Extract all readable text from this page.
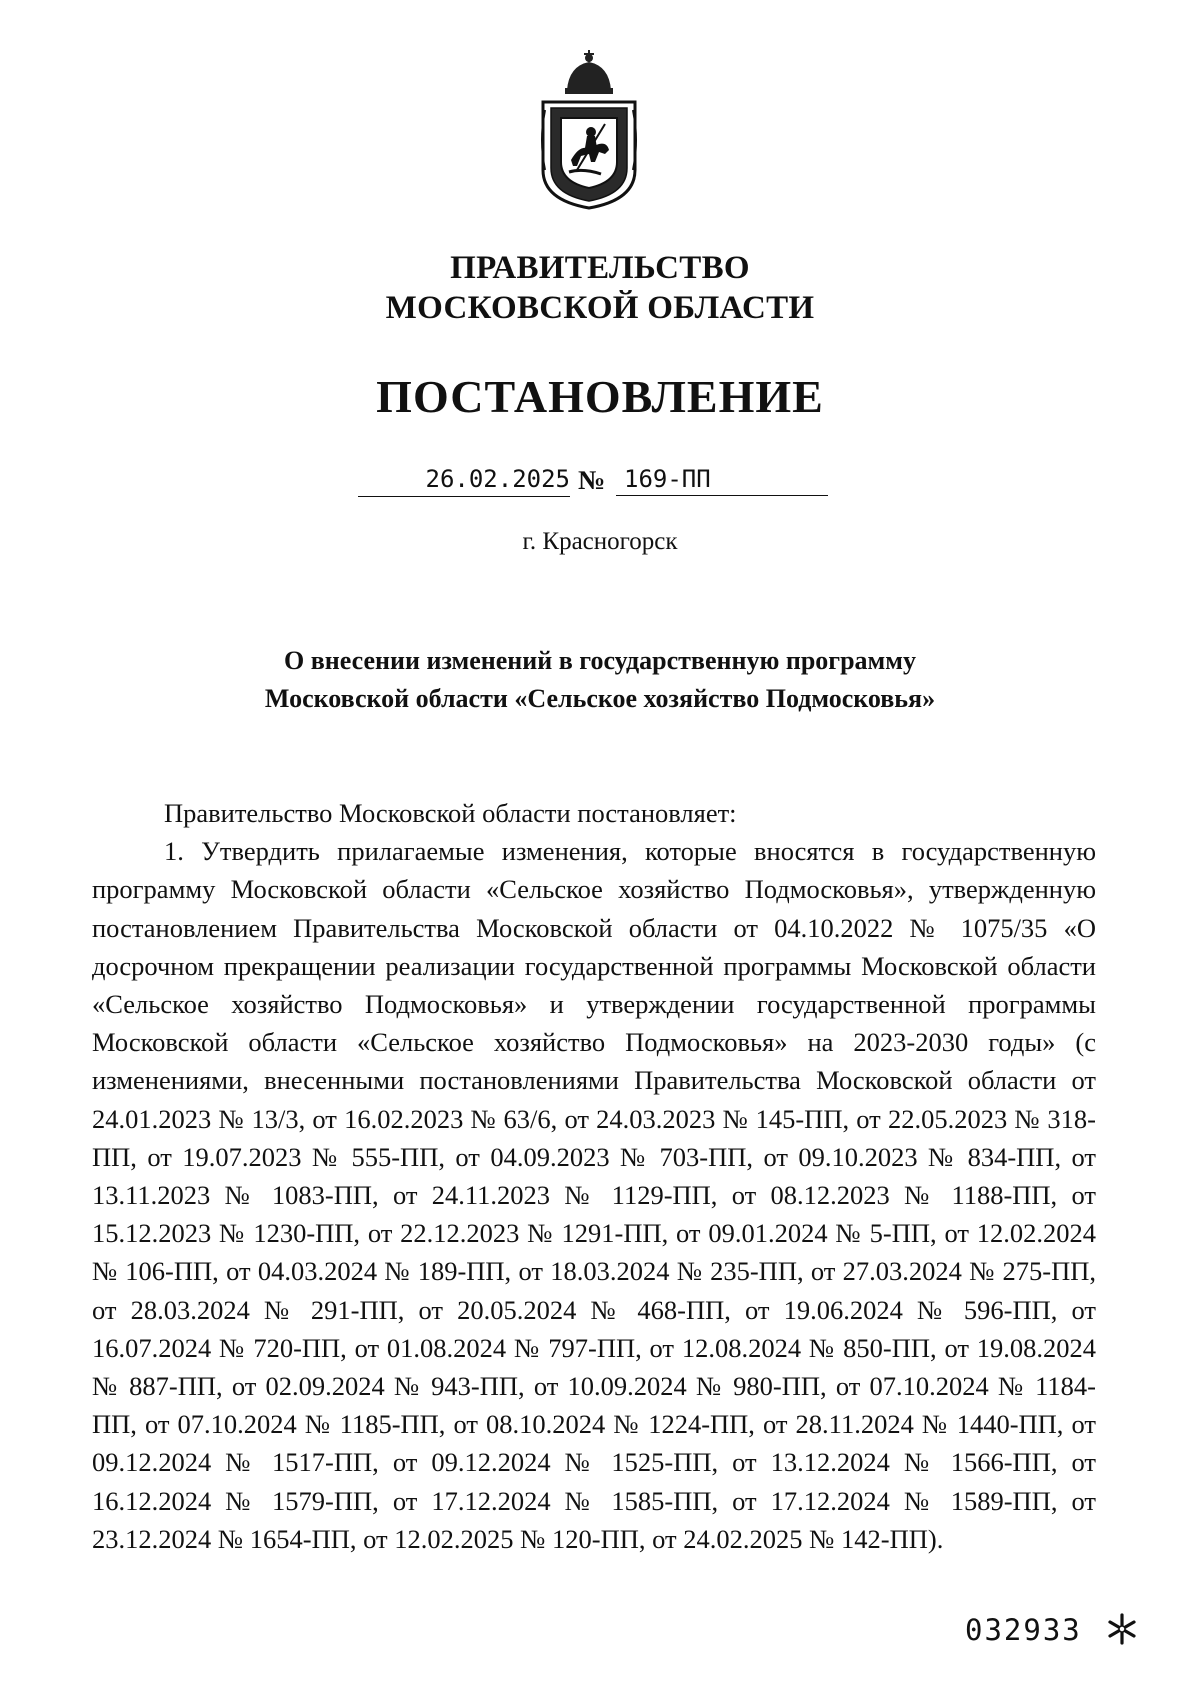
ПРАВИТЕЛЬСТВО
МОСКОВСКОЙ ОБЛАСТИ
ПОСТАНОВЛЕНИЕ
26.02.2025 № 169-ПП
г. Красногорск
О внесении изменений в государственную программу
Московской области «Сельское хозяйство Подмосковья»

Правительство Московской области постановляет:

1. Утвердить прилагаемые изменения, которые вносятся в государственную программу Московской области «Сельское хозяйство Подмосковья», утвержденную постановлением Правительства Московской области от 04.10.2022 № 1075/35 «О досрочном прекращении реализации государственной программы Московской области «Сельское хозяйство Подмосковья» и утверждении государственной программы Московской области «Сельское хозяйство Подмосковья» на 2023-2030 годы» (с изменениями, внесенными постановлениями Правительства Московской области от 24.01.2023 № 13/3, от 16.02.2023 № 63/6, от 24.03.2023 № 145-ПП, от 22.05.2023 № 318-ПП, от 19.07.2023 № 555-ПП, от 04.09.2023 № 703-ПП, от 09.10.2023 № 834-ПП, от 13.11.2023 № 1083-ПП, от 24.11.2023 № 1129-ПП, от 08.12.2023 № 1188-ПП, от 15.12.2023 № 1230-ПП, от 22.12.2023 № 1291-ПП, от 09.01.2024 № 5-ПП, от 12.02.2024 № 106-ПП, от 04.03.2024 № 189-ПП, от 18.03.2024 № 235-ПП, от 27.03.2024 № 275-ПП, от 28.03.2024 № 291-ПП, от 20.05.2024 № 468-ПП, от 19.06.2024 № 596-ПП, от 16.07.2024 № 720-ПП, от 01.08.2024 № 797-ПП, от 12.08.2024 № 850-ПП, от 19.08.2024 № 887-ПП, от 02.09.2024 № 943-ПП, от 10.09.2024 № 980-ПП, от 07.10.2024 № 1184-ПП, от 07.10.2024 № 1185-ПП, от 08.10.2024 № 1224-ПП, от 28.11.2024 № 1440-ПП, от 09.12.2024 № 1517-ПП, от 09.12.2024 № 1525-ПП, от 13.12.2024 № 1566-ПП, от 16.12.2024 № 1579-ПП, от 17.12.2024 № 1585-ПП, от 17.12.2024 № 1589-ПП, от 23.12.2024 № 1654-ПП, от 12.02.2025 № 120-ПП, от 24.02.2025 № 142-ПП).

032933
